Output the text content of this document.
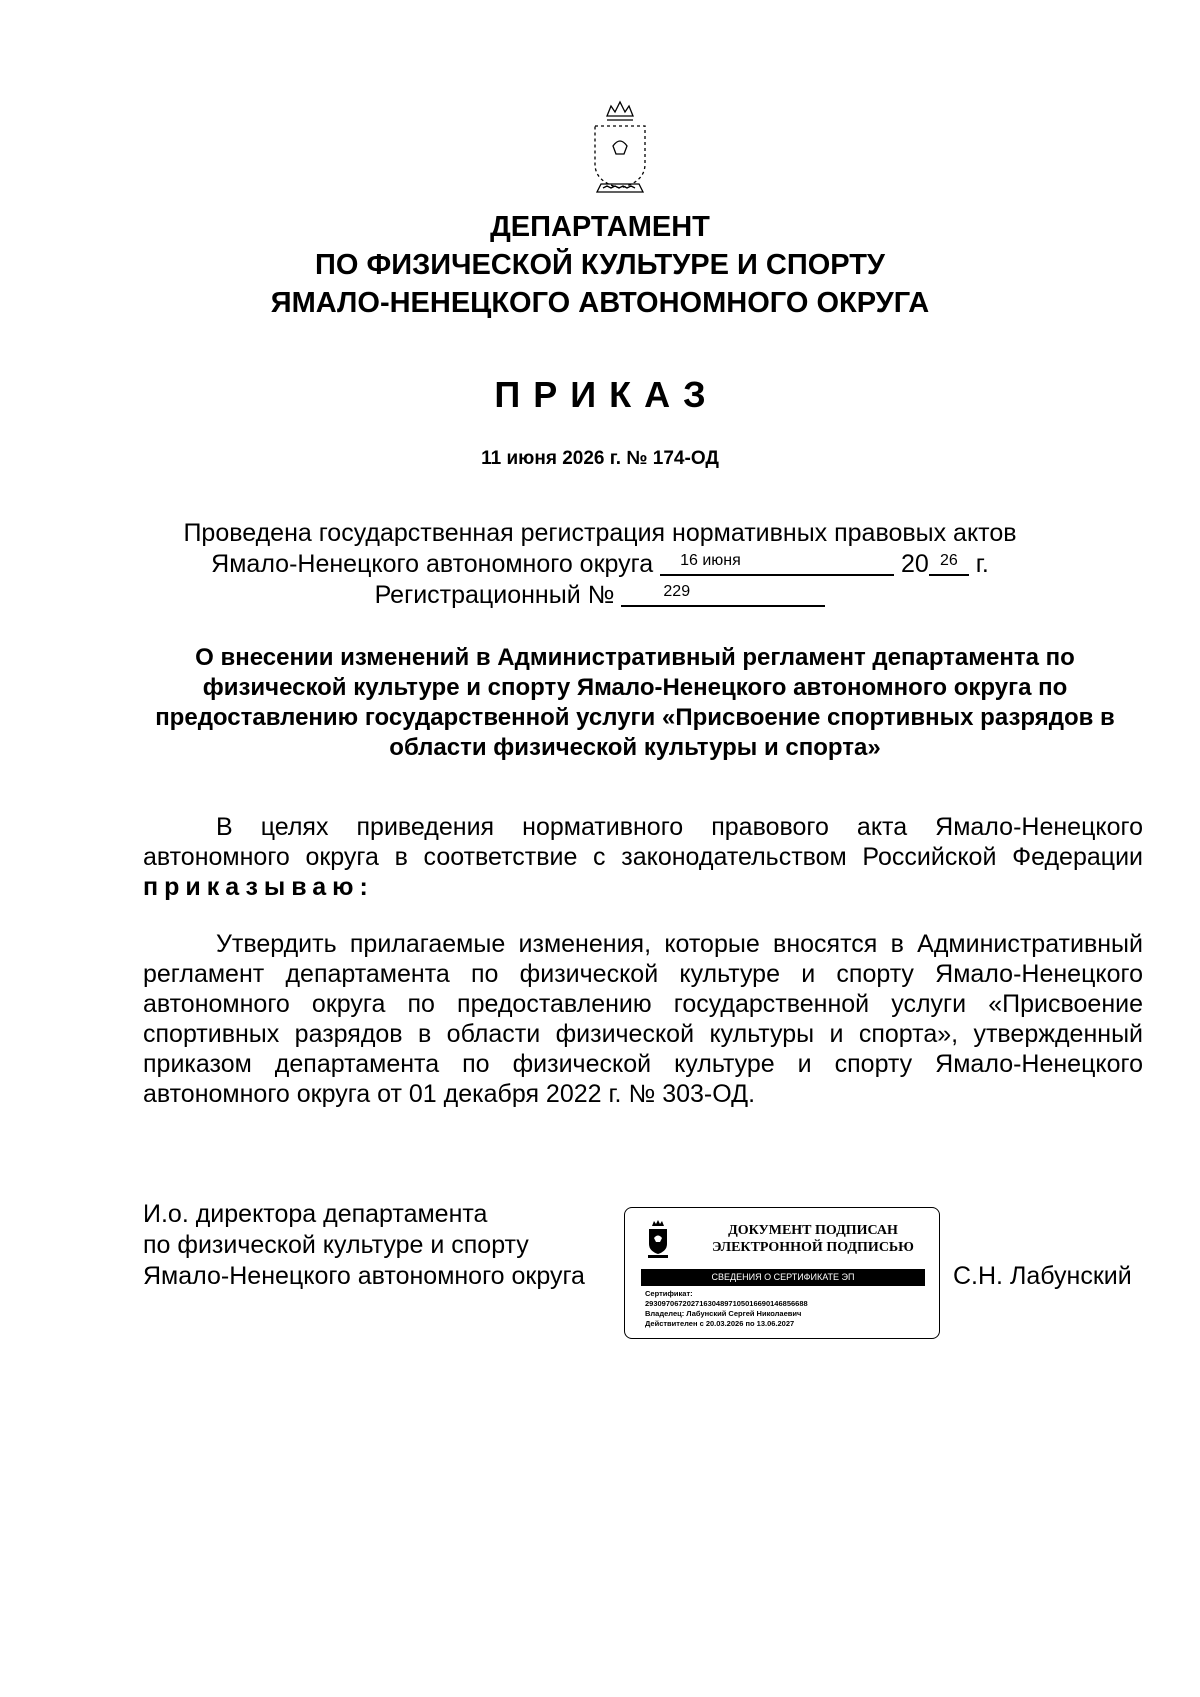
ДЕПАРТАМЕНТ
ПО ФИЗИЧЕСКОЙ КУЛЬТУРЕ И СПОРТУ
ЯМАЛО-НЕНЕЦКОГО АВТОНОМНОГО ОКРУГА
ПРИКАЗ
11 июня 2026 г. № 174-ОД
Проведена государственная регистрация нормативных правовых актов
Ямало-Ненецкого автономного округа	16 июня	20 26 г.
Регистрационный №	229
О внесении изменений в Административный регламент департамента по физической культуре и спорту Ямало-Ненецкого автономного округа по предоставлению государственной услуги «Присвоение спортивных разрядов в области физической культуры и спорта»
В целях приведения нормативного правового акта Ямало-Ненецкого автономного округа в соответствие с законодательством Российской Федерации приказываю:
Утвердить прилагаемые изменения, которые вносятся в Административный регламент департамента по физической культуре и спорту Ямало-Ненецкого автономного округа по предоставлению государственной услуги «Присвоение спортивных разрядов в области физической культуры и спорта», утвержденный приказом департамента по физической культуре и спорту Ямало-Ненецкого автономного округа от 01 декабря 2022 г. № 303-ОД.
И.о. директора департамента
по физической культуре и спорту
Ямало-Ненецкого автономного округа
ДОКУМЕНТ ПОДПИСАН
ЭЛЕКТРОННОЙ ПОДПИСЬЮ
СВЕДЕНИЯ О СЕРТИФИКАТЕ ЭП
Сертификат:
293097067202716304897105016690146856688
Владелец: Лабунский Сергей Николаевич
Действителен с 20.03.2026 по 13.06.2027
С.Н. Лабунский
